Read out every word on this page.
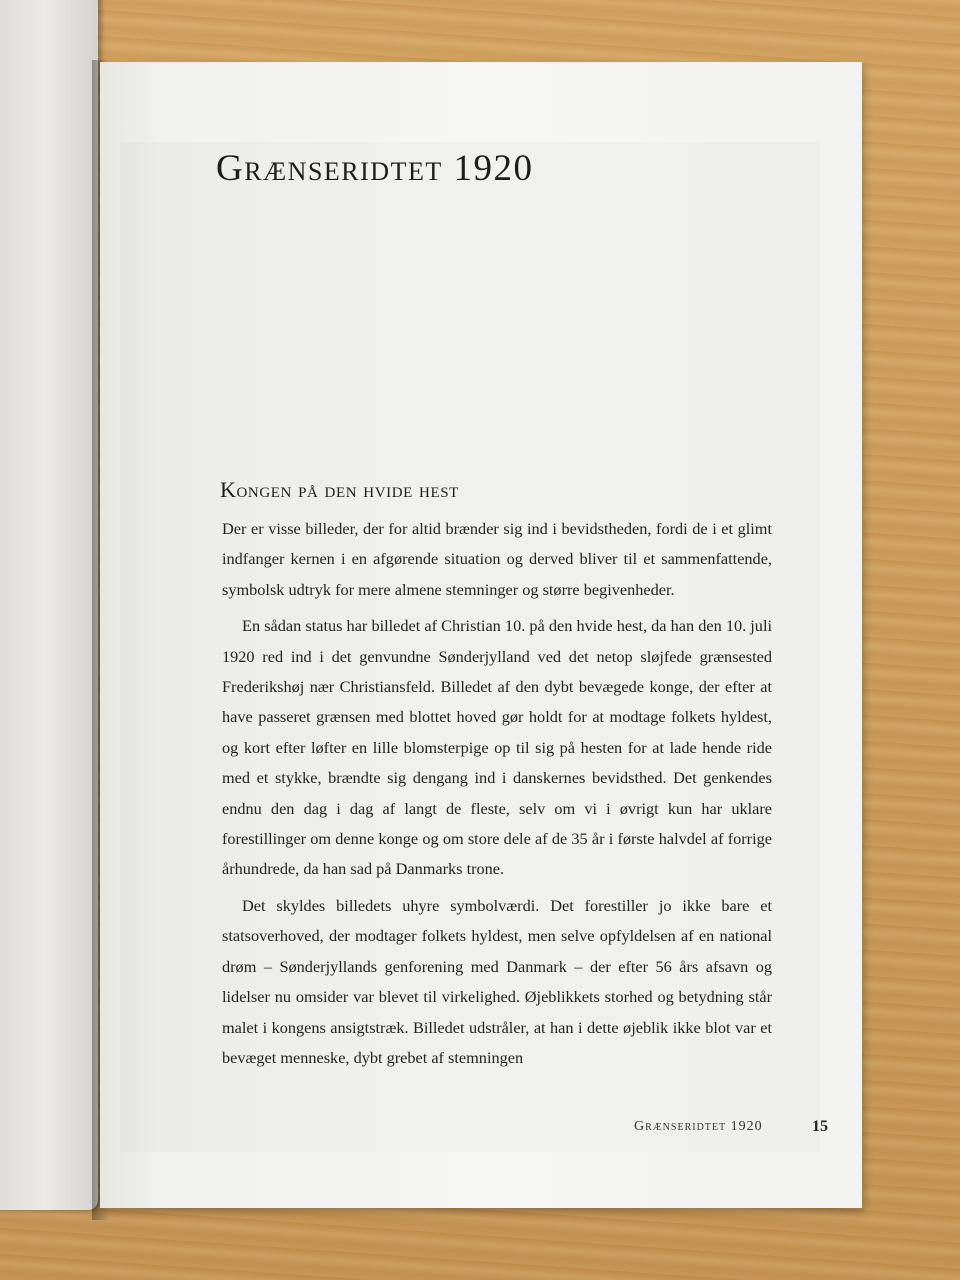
Grænseridtet 1920
Kongen på den hvide hest

Der er visse billeder, der for altid brænder sig ind i bevidstheden, fordi de i et glimt indfanger kernen i en afgørende situation og derved bliver til et sammenfattende, symbolsk udtryk for mere almene stemninger og større begivenheder.

En sådan status har billedet af Christian 10. på den hvide hest, da han den 10. juli 1920 red ind i det genvundne Sønderjylland ved det netop sløjfede grænsested Frederikshøj nær Christiansfeld. Billedet af den dybt bevægede konge, der efter at have passeret grænsen med blottet hoved gør holdt for at modtage folkets hyldest, og kort efter løfter en lille blomsterpige op til sig på hesten for at lade hende ride med et stykke, brændte sig dengang ind i danskernes bevidsthed. Det genkendes endnu den dag i dag af langt de fleste, selv om vi i øvrigt kun har uklare forestillinger om denne konge og om store dele af de 35 år i første halvdel af forrige århundrede, da han sad på Danmarks trone.

Det skyldes billedets uhyre symbolværdi. Det forestiller jo ikke bare et statsoverhoved, der modtager folkets hyldest, men selve opfyldelsen af en national drøm – Sønderjyllands genforening med Danmark – der efter 56 års afsavn og lidelser nu omsider var blevet til virkelighed. Øjeblikkets storhed og betydning står malet i kongens ansigtstræk. Billedet udstråler, at han i dette øjeblik ikke blot var et bevæget menneske, dybt grebet af stemningen

Grænseridtet 1920	15
